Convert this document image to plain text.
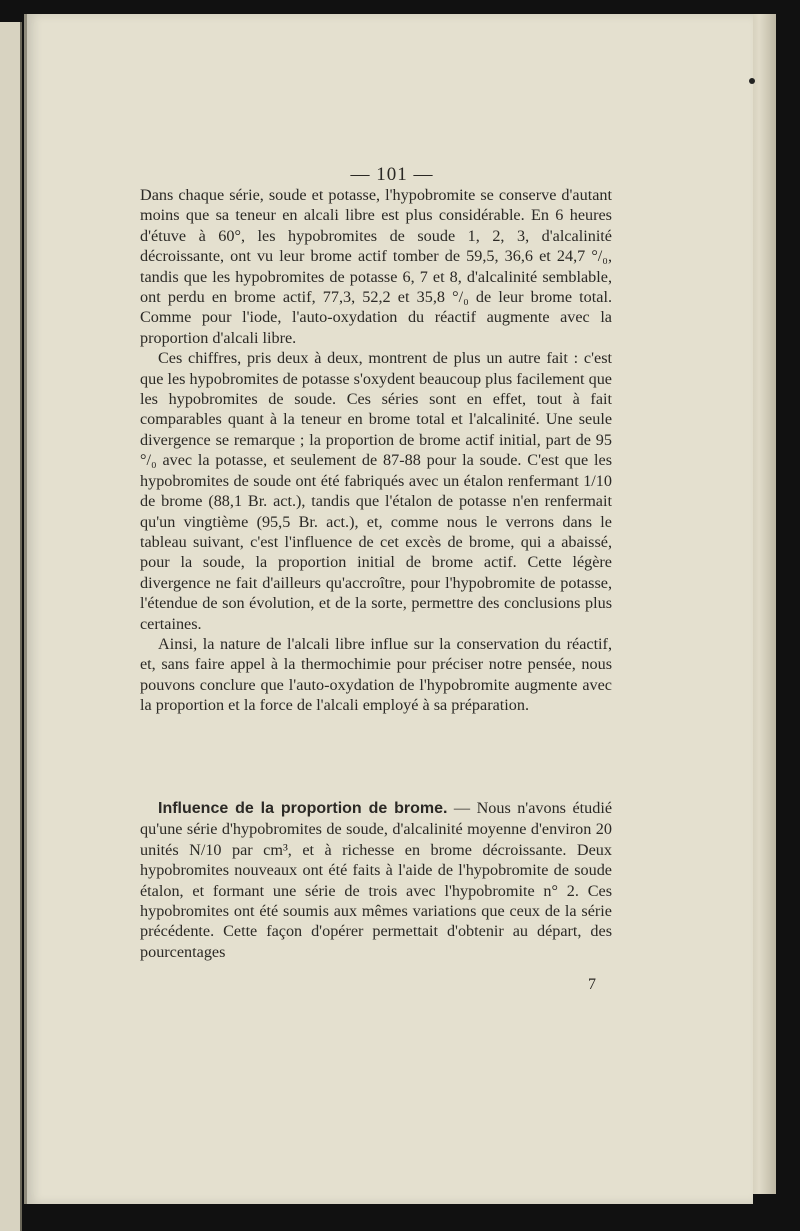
— 101 —

Dans chaque série, soude et potasse, l'hypobromite se conserve d'autant moins que sa teneur en alcali libre est plus considérable. En 6 heures d'étuve à 60°, les hypobromites de soude 1, 2, 3, d'alcalinité décroissante, ont vu leur brome actif tomber de 59,5, 36,6 et 24,7 °/₀, tandis que les hypobromites de potasse 6, 7 et 8, d'alcalinité semblable, ont perdu en brome actif, 77,3, 52,2 et 35,8 °/₀ de leur brome total. Comme pour l'iode, l'auto-oxydation du réactif augmente avec la proportion d'alcali libre.

Ces chiffres, pris deux à deux, montrent de plus un autre fait : c'est que les hypobromites de potasse s'oxydent beaucoup plus facilement que les hypobromites de soude. Ces séries sont en effet, tout à fait comparables quant à la teneur en brome total et l'alcalinité. Une seule divergence se remarque ; la proportion de brome actif initial, part de 95 °/₀ avec la potasse, et seulement de 87-88 pour la soude. C'est que les hypobromites de soude ont été fabriqués avec un étalon renfermant 1/10 de brome (88,1 Br. act.), tandis que l'étalon de potasse n'en renfermait qu'un vingtième (95,5 Br. act.), et, comme nous le verrons dans le tableau suivant, c'est l'influence de cet excès de brome, qui a abaissé, pour la soude, la proportion initial de brome actif. Cette légère divergence ne fait d'ailleurs qu'accroître, pour l'hypobromite de potasse, l'étendue de son évolution, et de la sorte, permettre des conclusions plus certaines.

Ainsi, la nature de l'alcali libre influe sur la conservation du réactif, et, sans faire appel à la thermochimie pour préciser notre pensée, nous pouvons conclure que l'auto-oxydation de l'hypobromite augmente avec la proportion et la force de l'alcali employé à sa préparation.

Influence de la proportion de brome. — Nous n'avons étudié qu'une série d'hypobromites de soude, d'alcalinité moyenne d'environ 20 unités N/10 par cm³, et à richesse en brome décroissante. Deux hypobromites nouveaux ont été faits à l'aide de l'hypobromite de soude étalon, et formant une série de trois avec l'hypobromite n° 2. Ces hypobromites ont été soumis aux mêmes variations que ceux de la série précédente. Cette façon d'opérer permettait d'obtenir au départ, des pourcentages

7
